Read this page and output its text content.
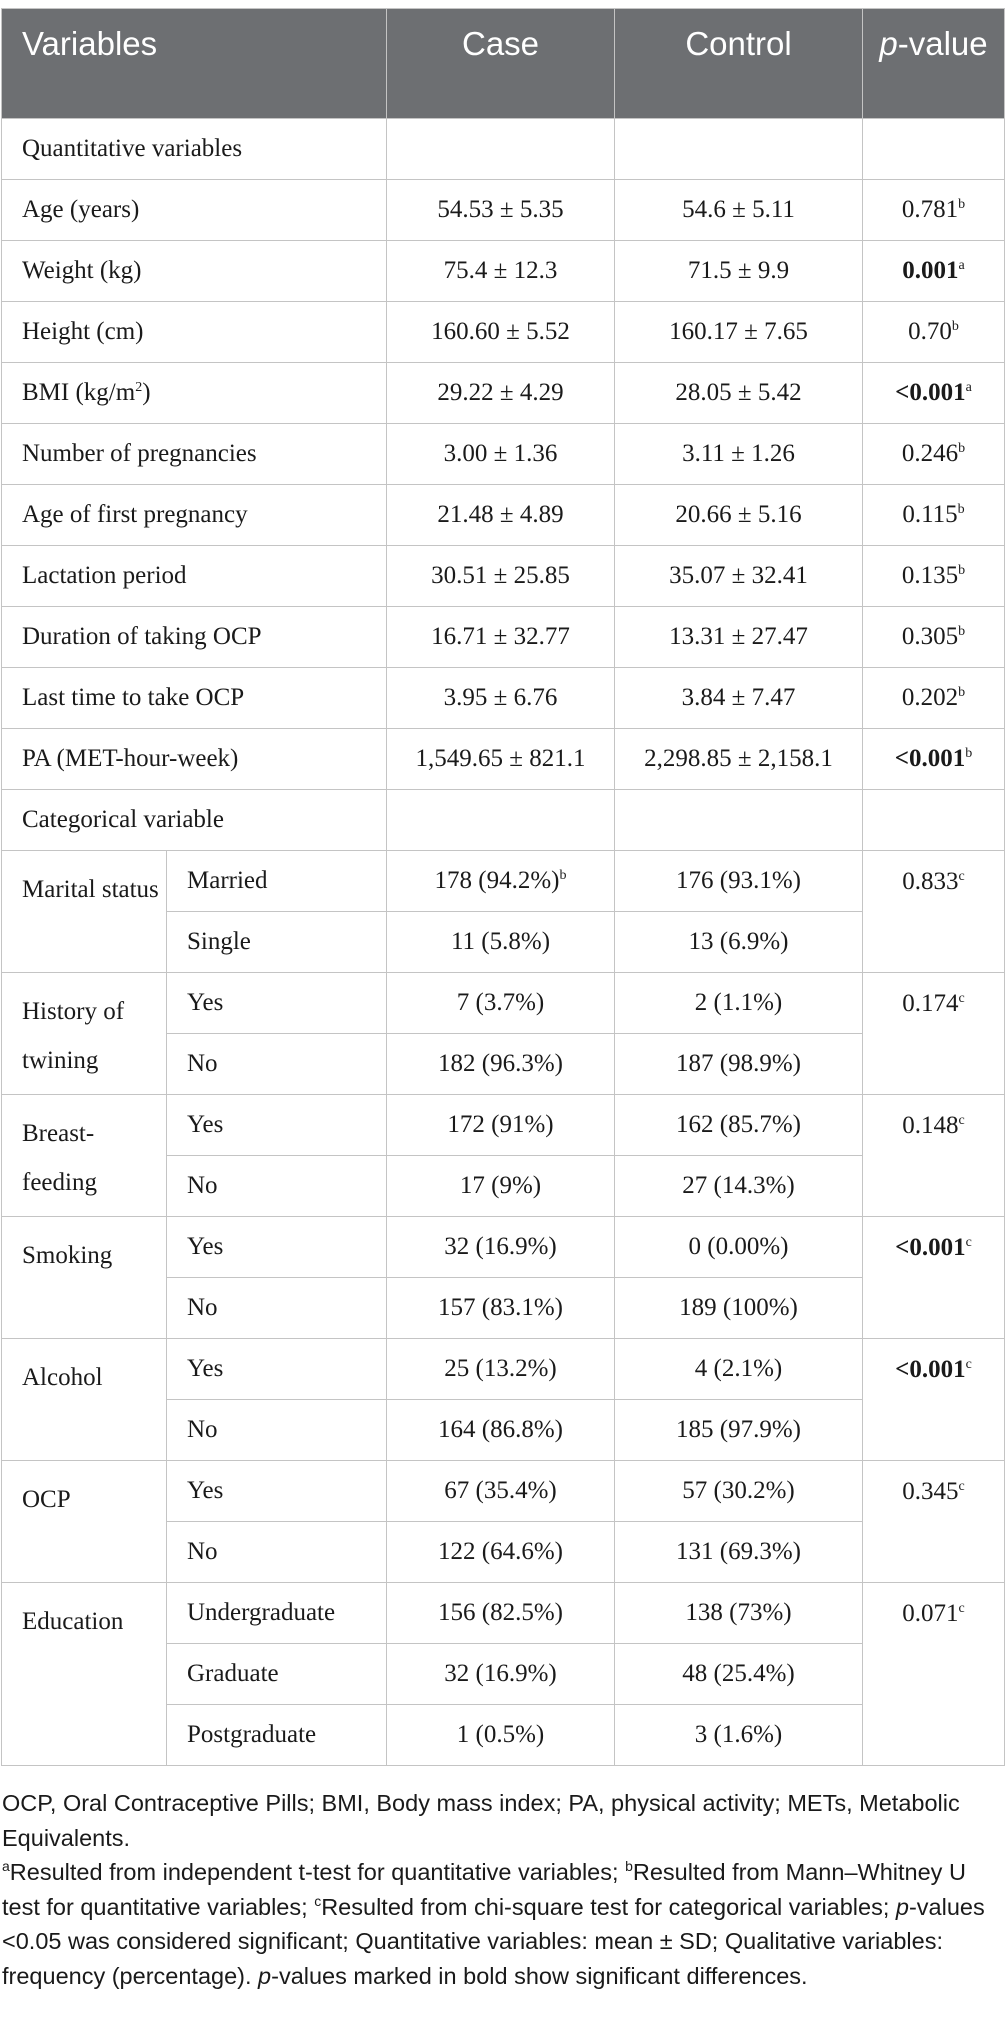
Variables		Case	Control	p-value
Quantitative variables				
Age (years)		54.53 ± 5.35	54.6 ± 5.11	0.781$^b$
Weight (kg)		75.4 ± 12.3	71.5 ± 9.9	0.001$^a$
Height (cm)		160.60 ± 5.52	160.17 ± 7.65	0.70$^b$
BMI $(kg/m^2)$		29.22 ± 4.29	28.05 ± 5.42	<0.001$^a$
Number of pregnancies		3.00 ± 1.36	3.11 ± 1.26	0.246$^b$
Age of first pregnancy		21.48 ± 4.89	20.66 ± 5.16	0.115$^b$
Lactation period		30.51 ± 25.85	35.07 ± 32.41	0.135$^b$
Duration of taking OCP		16.71 ± 32.77	13.31 ± 27.47	0.305$^b$
Last time to take OCP		3.95 ± 6.76	3.84 ± 7.47	0.202$^b$
PA (MET-hour-week)		1,549.65 ± 821.1	2,298.85 ± 2,158.1	<0.001$^b$
Categorical variable				
Marital status	Married	178 $(94.2\%)^b$	176 (93.1%)	0.833$^c$
	Single	11 (5.8%)	13 (6.9%)	
History of twining	Yes	7 (3.7%)	2 (1.1%)	0.174$^c$
	No	182 (96.3%)	187 (98.9%)	
Breast-feeding	Yes	172 (91%)	162 (85.7%)	0.148$^c$
	No	17 (9%)	27 (14.3%)	
Smoking	Yes	32 (16.9%)	0 (0.00%)	<0.001$^c$
	No	157 (83.1%)	189 (100%)	
Alcohol	Yes	25 (13.2%)	4 (2.1%)	<0.001$^c$
	No	164 (86.8%)	185 (97.9%)	
OCP	Yes	67 (35.4%)	57 (30.2%)	0.345$^c$
	No	122 (64.6%)	131 (69.3%)	
Education	Undergraduate	156 (82.5%)	138 (73%)	0.071$^c$
	Graduate	32 (16.9%)	48 (25.4%)	
	Postgraduate	1 (0.5%)	3 (1.6%)	

OCP, Oral Contraceptive Pills; BMI, Body mass index; PA, physical activity; METs, Metabolic Equivalents.

$^a$Resulted from independent t-test for quantitative variables; $^b$Resulted from Mann–Whitney U test for quantitative variables; $^c$Resulted from chi-square test for categorical variables; p-values <0.05 was considered significant; Quantitative variables: mean ± SD; Qualitative variables: frequency (percentage). p-values marked in bold show significant differences.
